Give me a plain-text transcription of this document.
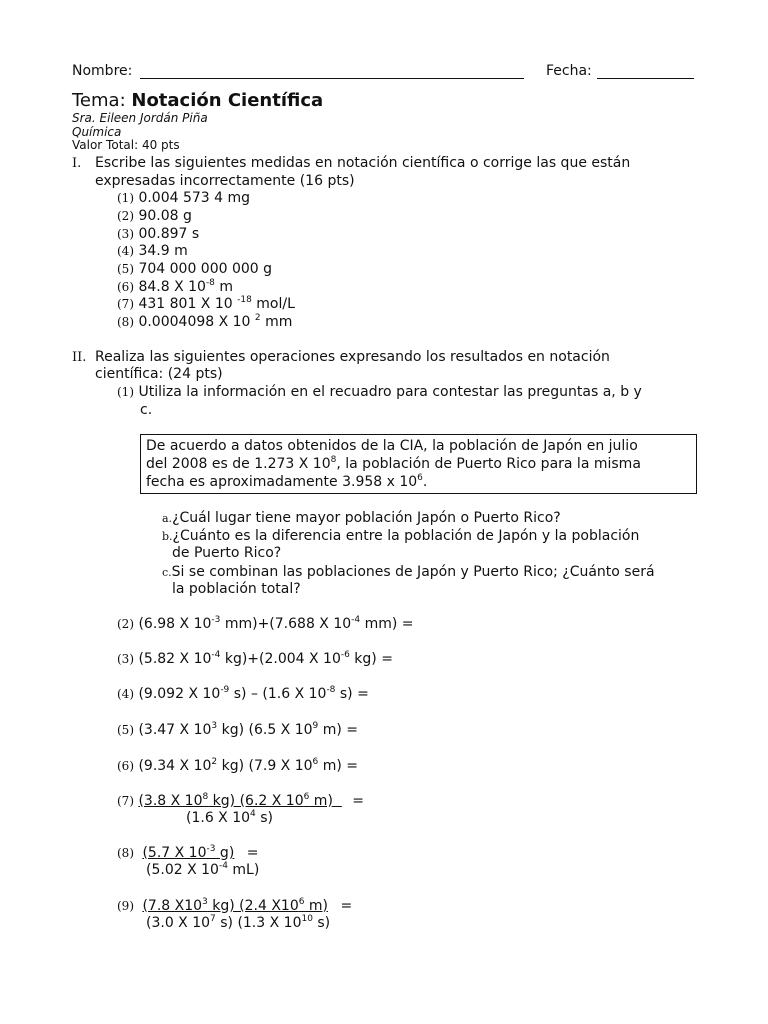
Nombre:	Fecha:
Tema: Notación Científica
Sra. Eileen Jordán Piña
Química
Valor Total: 40 pts
I. Escribe las siguientes medidas en notación científica o corrige las que están
expresadas incorrectamente (16 pts)
(1) 0.004 573 4 mg
(2) 90.08 g
(3) 00.897 s
(4) 34.9 m
(5) 704 000 000 000 g
(6) 84.8 X $10^{-8}$ m
(7) 431 801 X 10 $^{-18}$ mol/L
(8) 0.0004098 X 10 $^2$ mm
II. Realiza las siguientes operaciones expresando los resultados en notación
científica: (24 pts)
(1) Utiliza la información en el recuadro para contestar las preguntas a, b y
c.
De acuerdo a datos obtenidos de la CIA, la población de Japón en julio
del 2008 es de 1.273 X $10^8$, la población de Puerto Rico para la misma
fecha es aproximadamente 3.958 x $10^6$.
a.¿Cuál lugar tiene mayor población Japón o Puerto Rico?
b.¿Cuánto es la diferencia entre la población de Japón y la población
de Puerto Rico?
c.Si se combinan las poblaciones de Japón y Puerto Rico; ¿Cuánto será
la población total?
(2) (6.98 X $10^{-3}$ mm)+(7.688 X $10^{-4}$ mm) =
(3) (5.82 X $10^{-4}$ kg)+(2.004 X $10^{-6}$ kg) =
(4) (9.092 X $10^{-9}$ s) – (1.6 X $10^{-8}$ s) =
(5) (3.47 X $10^3$ kg) (6.5 X $10^9$ m) =
(6) (9.34 X $10^2$ kg) (7.9 X $10^6$ m) =
(7) (3.8 X $10^8$ kg) (6.2 X $10^6$ m) =
(1.6 X $10^4$ s)
(8) (5.7 X $10^{-3}$ g) =
(5.02 X $10^{-4}$ mL)
(9) (7.8 $X10^3$ kg) (2.4 $X10^6$ m) =
(3.0 X $10^7$ s) (1.3 X $10^{10}$ s)
